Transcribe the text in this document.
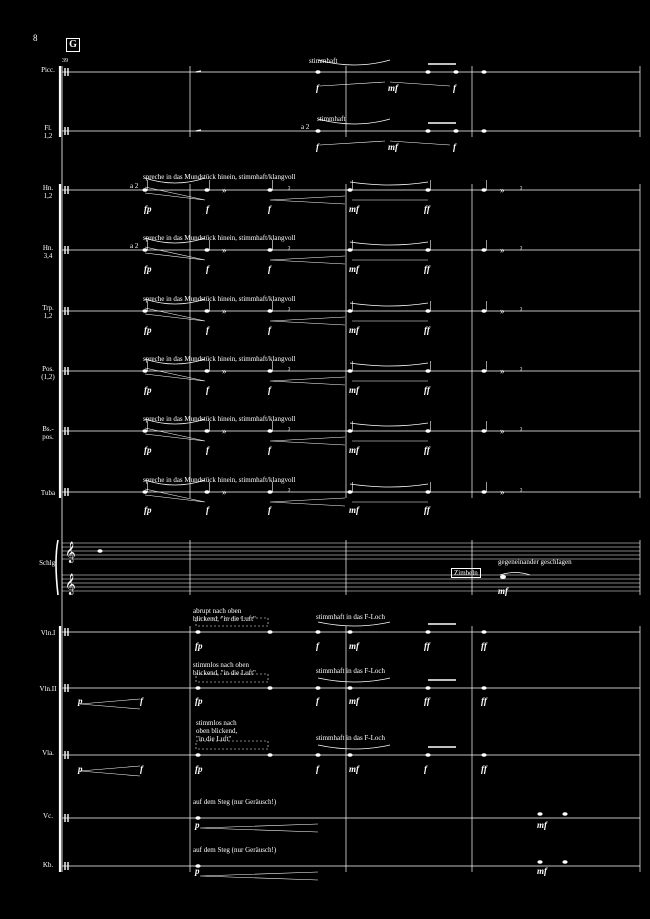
8
G
39
𝄞
𝄞
»	ˀ	» ˀ
»	ˀ	» ˀ
»	ˀ	» ˀ
»	ˀ	» ˀ
»	ˀ	» ˀ
»	ˀ	» ˀ
Picc.
Fl.
1,2
Hn.
1,2
Hn.
3,4
Trp.
1,2
Pos.
(1,2)
Bs.-
pos.
Tuba
Schlg.
Vln.I
Vln.II
Vla.
Vc.
Kb.
stimmhaft
stimmhaft
a 2
spreche in das Mundstück hinein, stimmhaft/klangvoll
a 2
spreche in das Mundstück hinein, stimmhaft/klangvoll
a 2
spreche in das Mundstück hinein, stimmhaft/klangvoll
spreche in das Mundstück hinein, stimmhaft/klangvoll
spreche in das Mundstück hinein, stimmhaft/klangvoll
spreche in das Mundstück hinein, stimmhaft/klangvoll
Zimbeln
gegeneinander geschlagen
abrupt nach oben
blickend, "in die Luft"	stimmhaft in das F-Loch
stimmlos nach oben
blickend, "in die Luft"	stimmhaft in das F-Loch
stimmlos nach
oben blickend,
"in die Luft"	stimmhaft in das F-Loch
auf dem Steg (nur Geräusch!)
auf dem Steg (nur Geräusch!)
f	mf	f
f	mf	f
fp	f	f	mf	ff
fp	f	f	mf	ff
fp	f	f	mf	ff
fp	f	f	mf	ff
fp	f	f	mf	ff
fp	f	f	mf	ff
mf
fp	f	mf	ff	ff
p	f	fp	f	mf	ff	ff
p	f	fp	f	mf	f	ff
p	mf
p	mf
